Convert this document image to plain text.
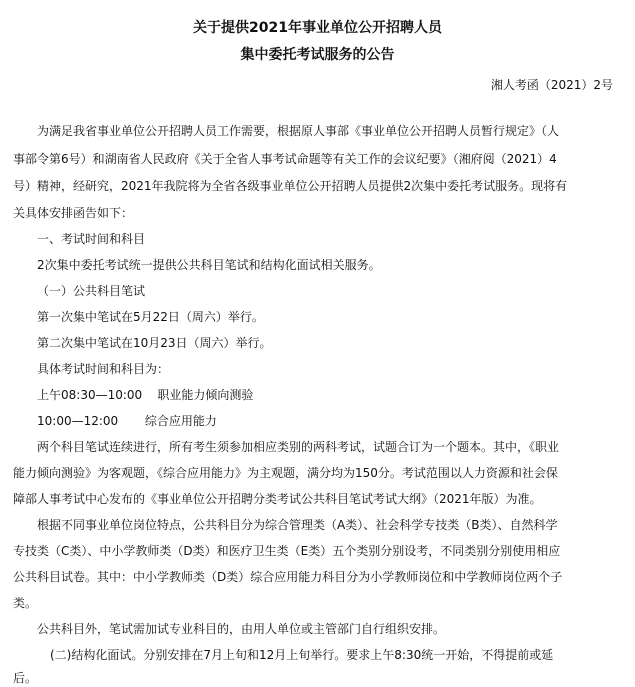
关于提供2021年事业单位公开招聘人员
集中委托考试服务的公告
湘人考函（2021）2号
为满足我省事业单位公开招聘人员工作需要，根据原人事部《事业单位公开招聘人员暂行规定》（人
事部令第6号）和湖南省人民政府《关于全省人事考试命题等有关工作的会议纪要》（湘府阅（2021）4
号）精神，经研究，2021年我院将为全省各级事业单位公开招聘人员提供2次集中委托考试服务。现将有
关具体安排函告如下：
一、考试时间和科目
2次集中委托考试统一提供公共科目笔试和结构化面试相关服务。
（一）公共科目笔试
第一次集中笔试在5月22日（周六）举行。
第二次集中笔试在10月23日（周六）举行。
具体考试时间和科目为：
上午08:30—10:00    职业能力倾向测验
10:00—12:00       综合应用能力
两个科目笔试连续进行，所有考生须参加相应类别的两科考试，试题合订为一个题本。其中，《职业
能力倾向测验》为客观题，《综合应用能力》为主观题，满分均为150分。考试范围以人力资源和社会保
障部人事考试中心发布的《事业单位公开招聘分类考试公共科目笔试考试大纲》（2021年版）为准。
根据不同事业单位岗位特点，公共科目分为综合管理类（A类）、社会科学专技类（B类）、自然科学
专技类（C类）、中小学教师类（D类）和医疗卫生类（E类）五个类别分别设考，不同类别分别使用相应
公共科目试卷。其中：中小学教师类（D类）综合应用能力科目分为小学教师岗位和中学教师岗位两个子
类。
公共科目外，笔试需加试专业科目的，由用人单位或主管部门自行组织安排。
(二)结构化面试。分别安排在7月上旬和12月上旬举行。要求上午8:30统一开始，不得提前或延
后。
